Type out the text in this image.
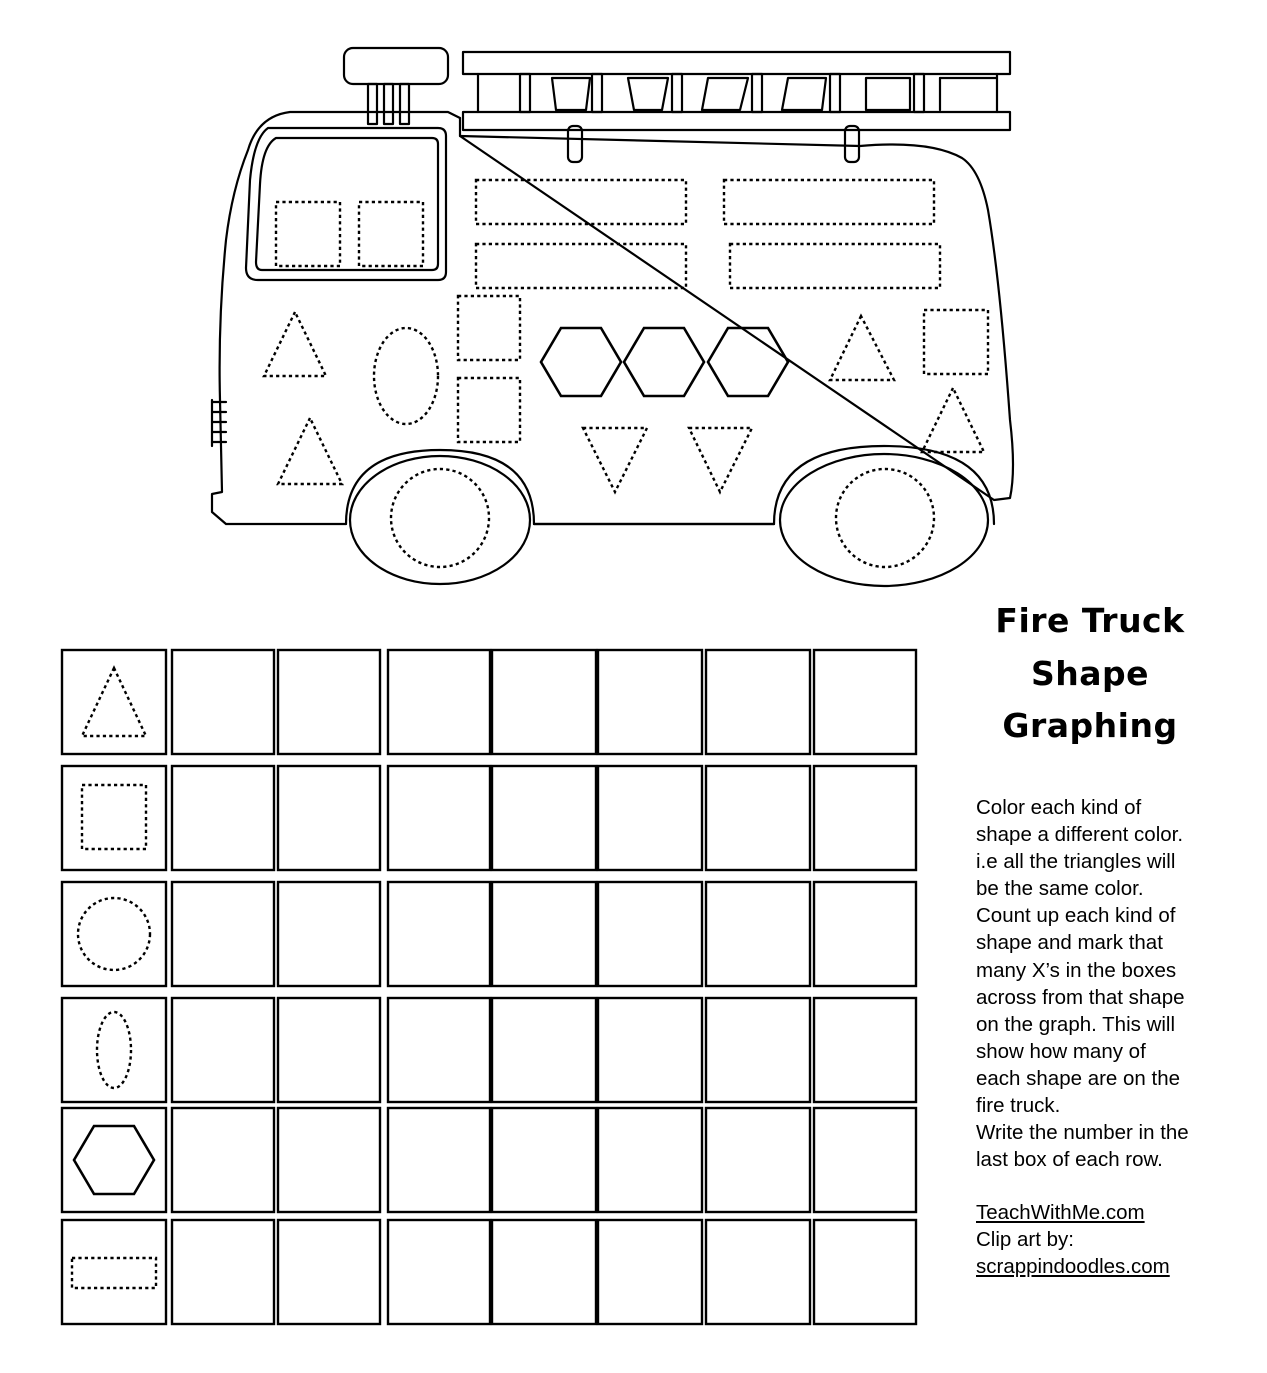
Fire Truck
Shape
Graphing
Color each kind of
shape a different color.
i.e all the triangles will
be the same color.
Count up each kind of
shape and mark that
many X’s in the boxes
across from that shape
on the graph. This will
show how many of
each shape are on the
fire truck.
Write the number in the
last box of each row.
TeachWithMe.com
Clip art by:
scrappindoodles.com
